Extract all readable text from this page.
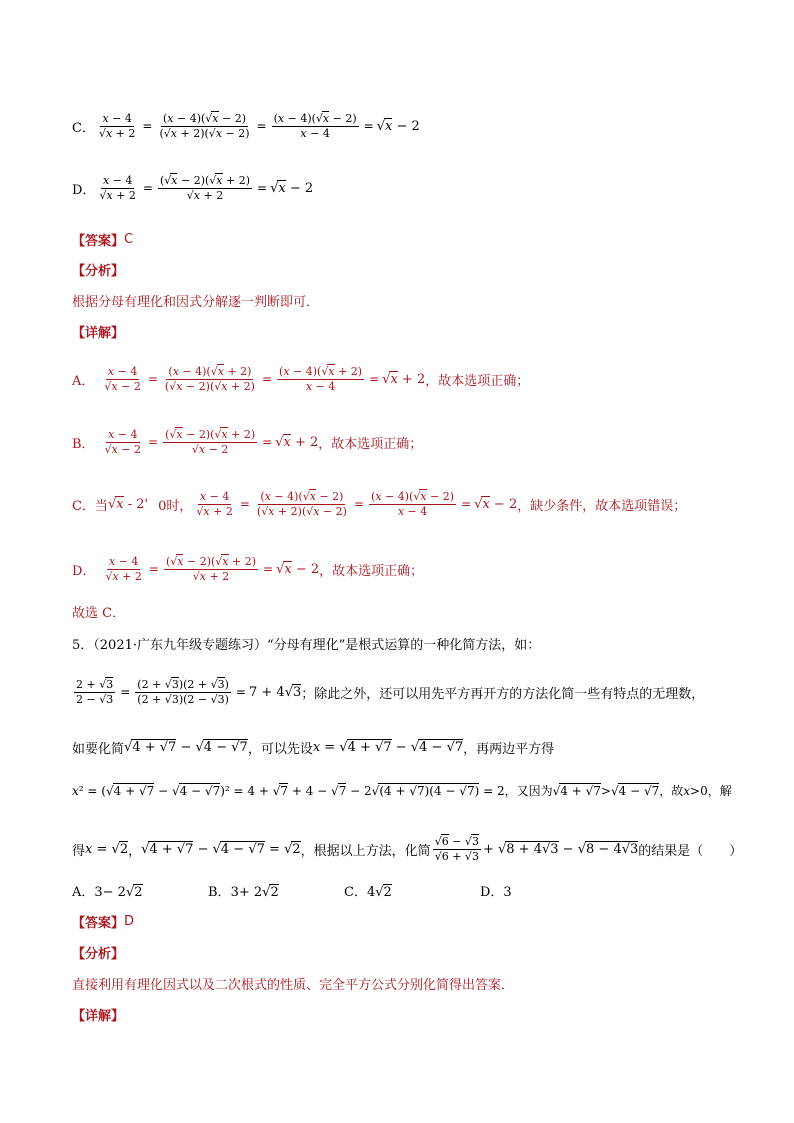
C． $\frac{x - 4}{√x + 2} = \frac{(x - 4)(√x - 2)}{(√x + 2)(√x - 2)} = \frac{(x - 4)(√x - 2)}{x - 4} = √x - 2$
D． $\frac{x - 4}{√x + 2} = \frac{(√x - 2)(√x + 2)}{√x + 2} = √x - 2$
【答案】 C
【分析】
根据分母有理化和因式分解逐一判断即可．
【详解】
A． $\frac{x - 4}{√x - 2} = \frac{(x - 4)(√x + 2)}{(√x - 2)(√x + 2)} = \frac{(x - 4)(√x + 2)}{x - 4} = √x + 2$ ，故本选项正确；
B． $\frac{x - 4}{√x - 2} = \frac{(√x - 2)(√x + 2)}{√x - 2} = √x + 2$ ，故本选项正确；
C．当 √x - 2' 0时， $\frac{x - 4}{√x + 2} = \frac{(x - 4)(√x - 2)}{(√x + 2)(√x - 2)} = \frac{(x - 4)(√x - 2)}{x - 4} = √x - 2$ ，缺少条件，故本选项错误；
D． $\frac{x - 4}{√x + 2} = \frac{(√x - 2)(√x + 2)}{√x + 2} = √x - 2$ ，故本选项正确；
故选 C．
5．（2021·广东九年级专题练习）“分母有理化”是根式运算的一种化简方法，如：
$\frac{2 + √3}{2 - √3} = \frac{(2 + √3)(2 + √3)}{(2 + √3)(2 - √3)} = 7 + 4√3$ ；除此之外，还可以用先平方再开方的方法化简一些有特点的无理数，
如要化简 √4 + √7 − √4 − √7 ，可以先设 x = √4 + √7 − √4 − √7 ，再两边平方得
x² = (√4 + √7 − √4 − √7)² = 4 + √7 + 4 − √7 − 2√(4 + √7)(4 − √7) = 2 ，又因为 √4 + √7>√4 − √7 ，故 x>0 ，解
得 x = √2 ， √4 + √7 − √4 − √7 = √2 ，根据以上方法，化简 $\frac{√6 - √3}{√6 + √3} + √8 + 4√3 - √8 - 4√3$ 的结果是（　　）
A．3− 2√2	B．3+ 2√2	C．4√2	D．3
【答案】 D
【分析】
直接利用有理化因式以及二次根式的性质、完全平方公式分别化简得出答案．
【详解】
